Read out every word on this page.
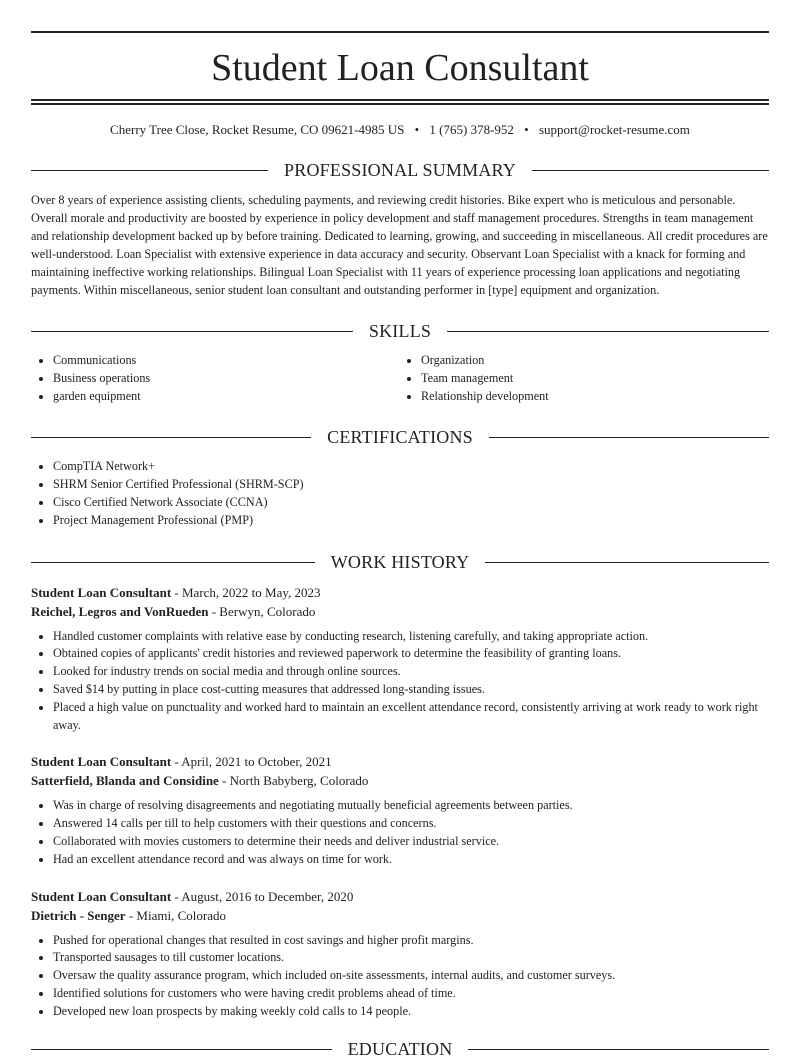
Student Loan Consultant
Cherry Tree Close, Rocket Resume, CO 09621-4985 US • 1 (765) 378-952 • support@rocket-resume.com
PROFESSIONAL SUMMARY

Over 8 years of experience assisting clients, scheduling payments, and reviewing credit histories. Bike expert who is meticulous and personable. Overall morale and productivity are boosted by experience in policy development and staff management procedures. Strengths in team management and relationship development backed up by before training. Dedicated to learning, growing, and succeeding in miscellaneous. All credit procedures are well-understood. Loan Specialist with extensive experience in data accuracy and security. Observant Loan Specialist with a knack for forming and maintaining ineffective working relationships. Bilingual Loan Specialist with 11 years of experience processing loan applications and negotiating payments. Within miscellaneous, senior student loan consultant and outstanding performer in [type] equipment and organization.

SKILLS
• Communications
• Business operations
• garden equipment
• Organization
• Team management
• Relationship development
CERTIFICATIONS
• CompTIA Network+
• SHRM Senior Certified Professional (SHRM-SCP)
• Cisco Certified Network Associate (CCNA)
• Project Management Professional (PMP)
WORK HISTORY
Student Loan Consultant - March, 2022 to May, 2023
Reichel, Legros and VonRueden - Berwyn, Colorado
• Handled customer complaints with relative ease by conducting research, listening carefully, and taking appropriate action.
• Obtained copies of applicants' credit histories and reviewed paperwork to determine the feasibility of granting loans.
• Looked for industry trends on social media and through online sources.
• Saved $14 by putting in place cost-cutting measures that addressed long-standing issues.
• Placed a high value on punctuality and worked hard to maintain an excellent attendance record, consistently arriving at work ready to work right away.
Student Loan Consultant - April, 2021 to October, 2021
Satterfield, Blanda and Considine - North Babyberg, Colorado
• Was in charge of resolving disagreements and negotiating mutually beneficial agreements between parties.
• Answered 14 calls per till to help customers with their questions and concerns.
• Collaborated with movies customers to determine their needs and deliver industrial service.
• Had an excellent attendance record and was always on time for work.
Student Loan Consultant - August, 2016 to December, 2020
Dietrich - Senger - Miami, Colorado
• Pushed for operational changes that resulted in cost savings and higher profit margins.
• Transported sausages to till customer locations.
• Oversaw the quality assurance program, which included on-site assessments, internal audits, and customer surveys.
• Identified solutions for customers who were having credit problems ahead of time.
• Developed new loan prospects by making weekly cold calls to 14 people.
EDUCATION
